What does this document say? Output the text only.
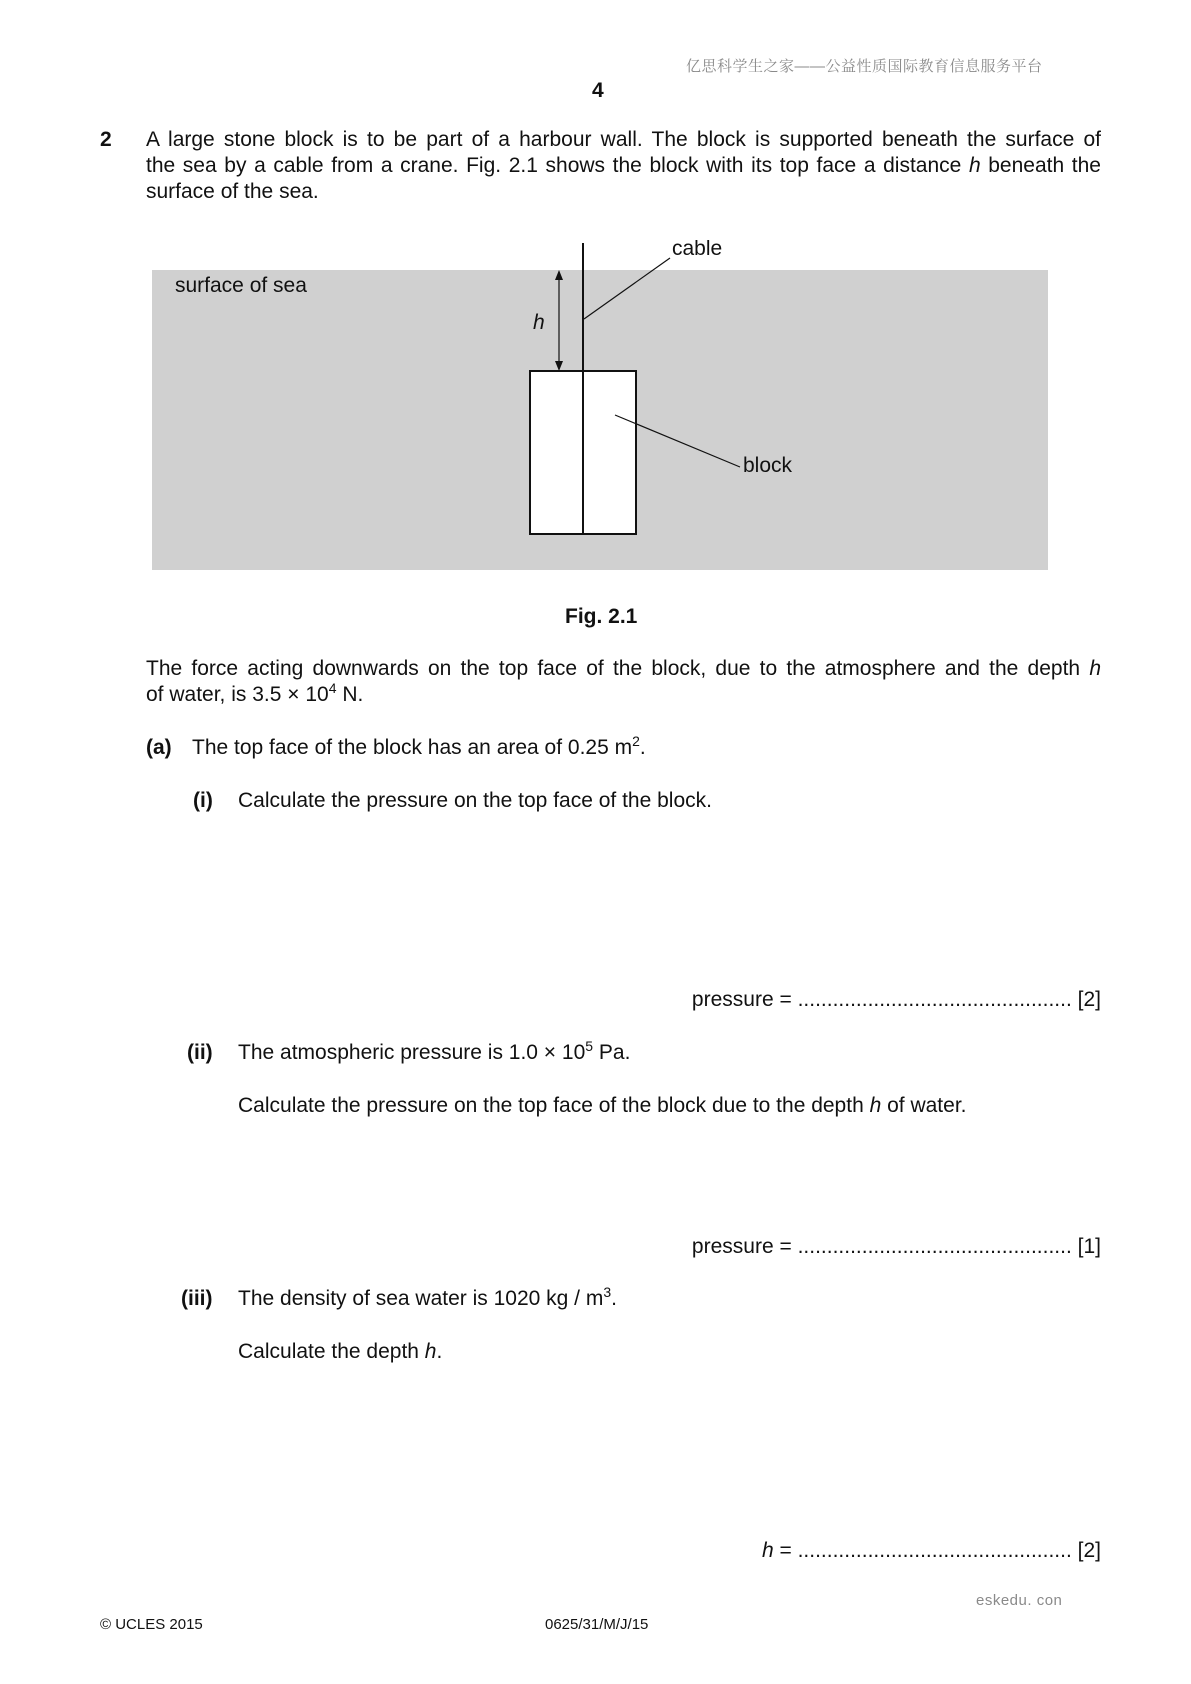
亿思科学生之家——公益性质国际教育信息服务平台
4
2 A large stone block is to be part of a harbour wall. The block is supported beneath the surface of
the sea by a cable from a crane. Fig. 2.1 shows the block with its top face a distance h beneath the
surface of the sea.
surface of sea
cable
h
block
Fig. 2.1
The force acting downwards on the top face of the block, due to the atmosphere and the depth h
of water, is $3.5 \times 10^4$ N.
(a) The top face of the block has an area of 0.25 $m^2$.
(i) Calculate the pressure on the top face of the block.
pressure = ............................................... [2]
(ii) The atmospheric pressure is $1.0 \times 10^5$ Pa.
Calculate the pressure on the top face of the block due to the depth h of water.
pressure = ............................................... [1]
(iii) The density of sea water is 1020 kg / $m^3$.
Calculate the depth h.
h = ............................................... [2]
eskedu. con
© UCLES 2015	0625/31/M/J/15
